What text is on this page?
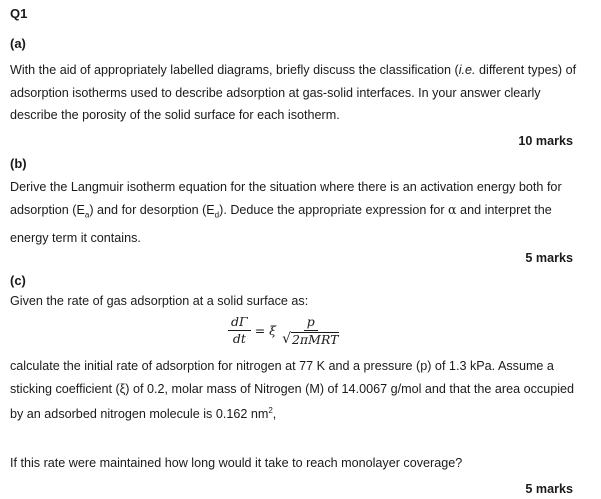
Q1
(a)
With the aid of appropriately labelled diagrams, briefly discuss the classification (i.e. different types) of adsorption isotherms used to describe adsorption at gas-solid interfaces. In your answer clearly describe the porosity of the solid surface for each isotherm.
10 marks
(b)
Derive the Langmuir isotherm equation for the situation where there is an activation energy both for adsorption $(E_a)$ and for desorption $(E_d)$. Deduce the appropriate expression for α and interpret the energy term it contains.
5 marks
(c)
Given the rate of gas adsorption at a solid surface as:
$\frac{d\Gamma}{dt} = \xi \frac{p}{\text{√ 2πMRT}}$
calculate the initial rate of adsorption for nitrogen at 77 K and a pressure (p) of 1.3 kPa. Assume a sticking coefficient (ξ) of 0.2, molar mass of Nitrogen (M) of 14.0067 g/mol and that the area occupied by an adsorbed nitrogen molecule is 0.162 $nm^2$,
If this rate were maintained how long would it take to reach monolayer coverage?
5 marks
